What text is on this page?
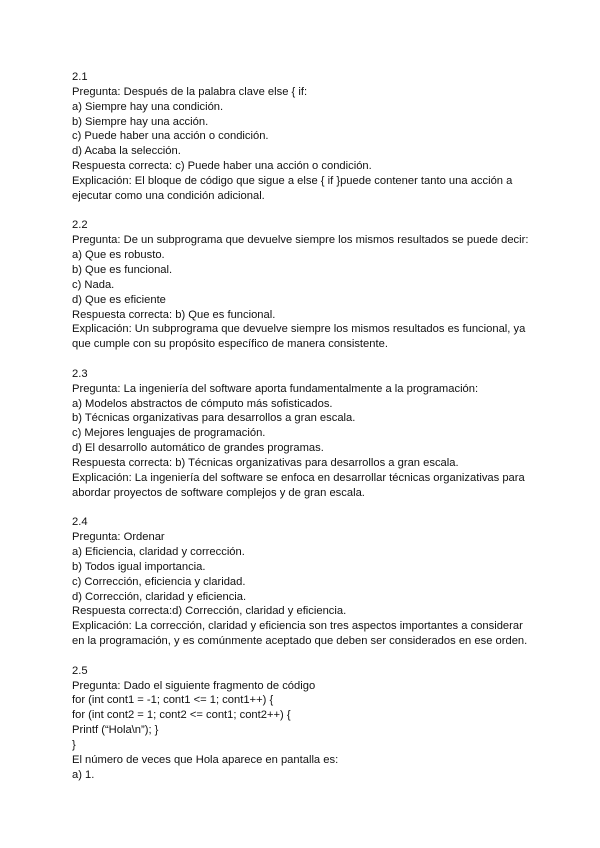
2.1
Pregunta: Después de la palabra clave else { if:
a) Siempre hay una condición.
b) Siempre hay una acción.
c) Puede haber una acción o condición.
d) Acaba la selección.
Respuesta correcta: c) Puede haber una acción o condición.
Explicación: El bloque de código que sigue a else { if }puede contener tanto una acción a ejecutar como una condición adicional.
2.2
Pregunta: De un subprograma que devuelve siempre los mismos resultados se puede decir:
a) Que es robusto.
b) Que es funcional.
c) Nada.
d) Que es eficiente
Respuesta correcta: b) Que es funcional.
Explicación: Un subprograma que devuelve siempre los mismos resultados es funcional, ya que cumple con su propósito específico de manera consistente.
2.3
Pregunta: La ingeniería del software aporta fundamentalmente a la programación:
a) Modelos abstractos de cómputo más sofisticados.
b) Técnicas organizativas para desarrollos a gran escala.
c) Mejores lenguajes de programación.
d) El desarrollo automático de grandes programas.
Respuesta correcta: b) Técnicas organizativas para desarrollos a gran escala.
Explicación: La ingeniería del software se enfoca en desarrollar técnicas organizativas para abordar proyectos de software complejos y de gran escala.
2.4
Pregunta: Ordenar
a) Eficiencia, claridad y corrección.
b) Todos igual importancia.
c) Corrección, eficiencia y claridad.
d) Corrección, claridad y eficiencia.
Respuesta correcta:d) Corrección, claridad y eficiencia.
Explicación: La corrección, claridad y eficiencia son tres aspectos importantes a considerar en la programación, y es comúnmente aceptado que deben ser considerados en ese orden.
2.5
Pregunta: Dado el siguiente fragmento de código
for (int cont1 = -1; cont1 <= 1; cont1++) {
for (int cont2 = 1; cont2 <= cont1; cont2++) {
Printf (“Hola\n”); }
}
El número de veces que Hola aparece en pantalla es:
a) 1.
